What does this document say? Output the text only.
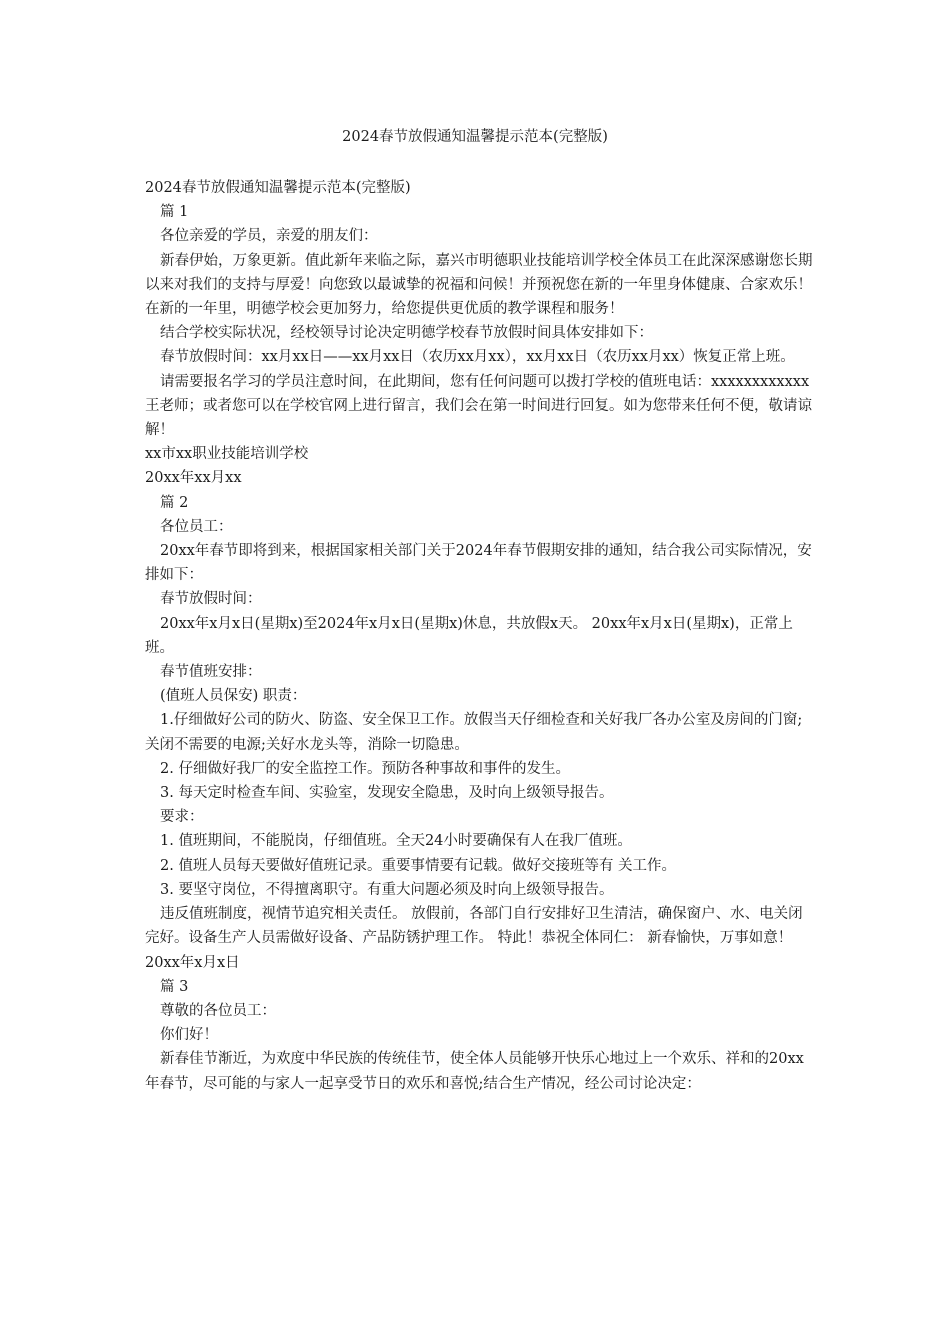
2024春节放假通知温馨提示范本(完整版)

2024春节放假通知温馨提示范本(完整版)

篇 1

各位亲爱的学员，亲爱的朋友们：

新春伊始，万象更新。值此新年来临之际，嘉兴市明德职业技能培训学校全体员工在此深深感谢您长期以来对我们的支持与厚爱！向您致以最诚挚的祝福和问候！并预祝您在新的一年里身体健康、合家欢乐！在新的一年里，明德学校会更加努力，给您提供更优质的教学课程和服务！

结合学校实际状况，经校领导讨论决定明德学校春节放假时间具体安排如下：

春节放假时间：xx月xx日——xx月xx日（农历xx月xx），xx月xx日（农历xx月xx）恢复正常上班。

请需要报名学习的学员注意时间，在此期间，您有任何问题可以拨打学校的值班电话：xxxxxxxxxxxx王老师；或者您可以在学校官网上进行留言，我们会在第一时间进行回复。如为您带来任何不便，敬请谅解！

xx市xx职业技能培训学校

20xx年xx月xx

篇 2

各位员工：

20xx年春节即将到来，根据国家相关部门关于2024年春节假期安排的通知，结合我公司实际情况，安排如下：

春节放假时间：

20xx年x月x日(星期x)至2024年x月x日(星期x)休息，共放假x天。 20xx年x月x日(星期x)，正常上班。

春节值班安排：

(值班人员保安) 职责：

1.仔细做好公司的防火、防盗、安全保卫工作。放假当天仔细检查和关好我厂各办公室及房间的门窗;关闭不需要的电源;关好水龙头等，消除一切隐患。

2. 仔细做好我厂的安全监控工作。预防各种事故和事件的发生。

3. 每天定时检查车间、实验室，发现安全隐患，及时向上级领导报告。

要求：

1. 值班期间，不能脱岗，仔细值班。全天24小时要确保有人在我厂值班。

2. 值班人员每天要做好值班记录。重要事情要有记载。做好交接班等有 关工作。

3. 要坚守岗位，不得擅离职守。有重大问题必须及时向上级领导报告。

违反值班制度，视情节追究相关责任。 放假前，各部门自行安排好卫生清洁，确保窗户、水、电关闭完好。设备生产人员需做好设备、产品防锈护理工作。 特此！恭祝全体同仁： 新春愉快，万事如意！

20xx年x月x日

篇 3

尊敬的各位员工：

你们好！

新春佳节渐近，为欢度中华民族的传统佳节，使全体人员能够开快乐心地过上一个欢乐、祥和的20xx年春节，尽可能的与家人一起享受节日的欢乐和喜悦;结合生产情况，经公司讨论决定：
